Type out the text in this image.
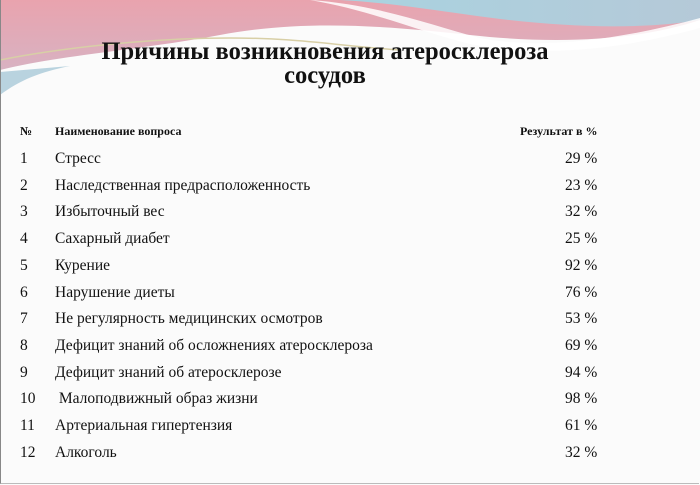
Причины возникновения атеросклероза
сосудов
№ Наименование вопроса	Результат в %
1 Стресс	29 %
2 Наследственная предрасположенность	23 %
3 Избыточный вес	32 %
4 Сахарный диабет	25 %
5 Курение	92 %
6 Нарушение диеты	76 %
7 Не регулярность медицинских осмотров	53 %
8 Дефицит знаний об осложнениях атеросклероза	69 %
9 Дефицит знаний об атеросклерозе	94 %
10 Малоподвижный образ жизни	98 %
11 Артериальная гипертензия	61 %
12 Алкоголь	32 %
